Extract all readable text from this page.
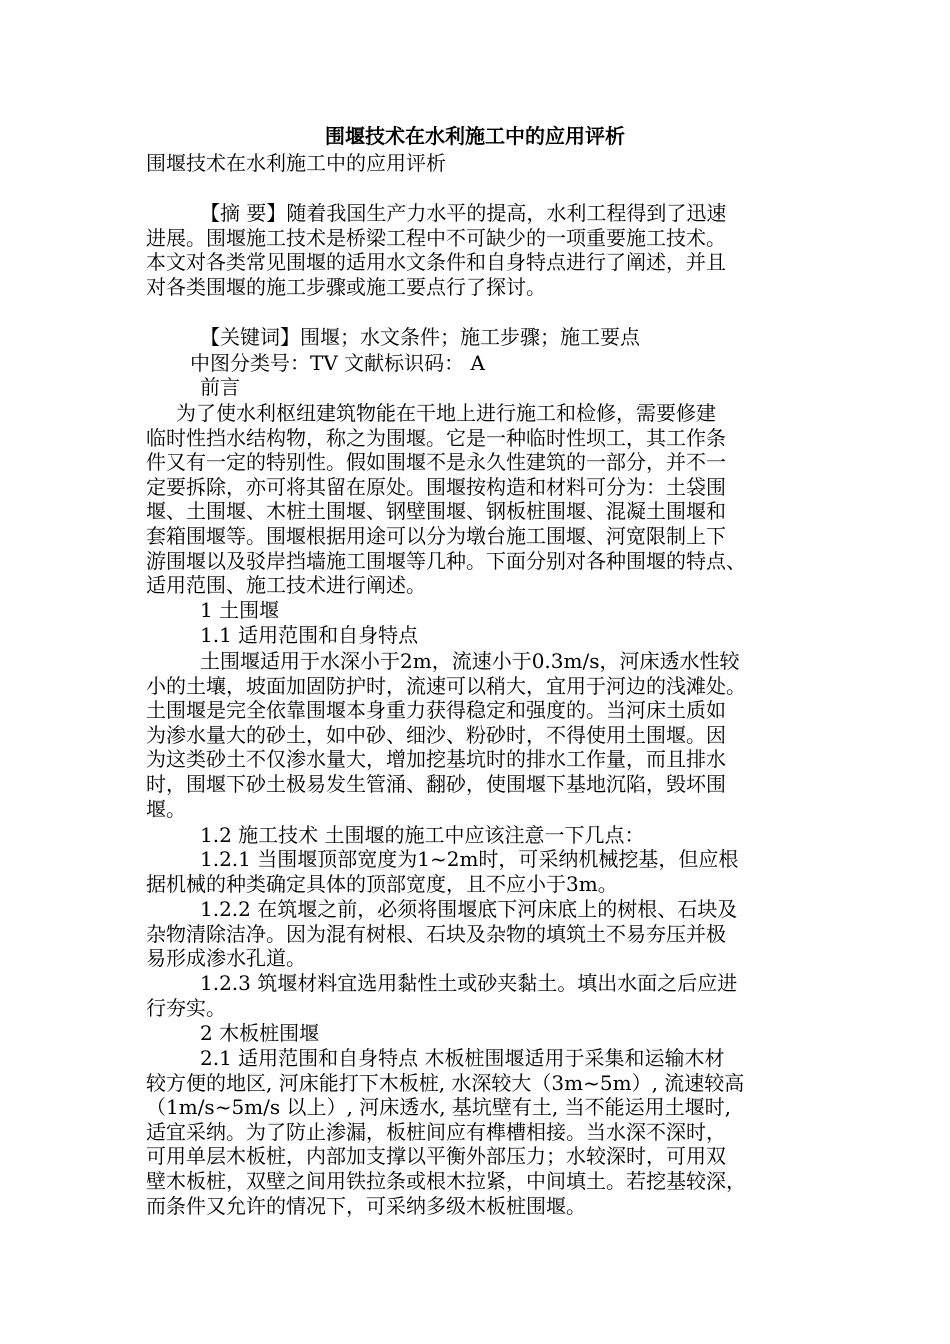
围堰技术在水利施工中的应用评析

围堰技术在水利施工中的应用评析

【摘 要】随着我国生产力水平的提高，水利工程得到了迅速

进展。围堰施工技术是桥梁工程中不可缺少的一项重要施工技术。

本文对各类常见围堰的适用水文条件和自身特点进行了阐述，并且

对各类围堰的施工步骤或施工要点行了探讨。

【关键词】围堰；水文条件；施工步骤；施工要点

中图分类号：TV 文献标识码： A

前言

为了使水利枢纽建筑物能在干地上进行施工和检修，需要修建

临时性挡水结构物，称之为围堰。它是一种临时性坝工，其工作条

件又有一定的特别性。假如围堰不是永久性建筑的一部分，并不一

定要拆除，亦可将其留在原处。围堰按构造和材料可分为：土袋围

堰、土围堰、木桩土围堰、钢壁围堰、钢板桩围堰、混凝土围堰和

套箱围堰等。围堰根据用途可以分为墩台施工围堰、河宽限制上下

游围堰以及驳岸挡墙施工围堰等几种。下面分别对各种围堰的特点、

适用范围、施工技术进行阐述。

1 土围堰

1.1 适用范围和自身特点

土围堰适用于水深小于2m，流速小于0.3m/s，河床透水性较

小的土壤，坡面加固防护时，流速可以稍大，宜用于河边的浅滩处。

土围堰是完全依靠围堰本身重力获得稳定和强度的。当河床土质如

为渗水量大的砂土，如中砂、细沙、粉砂时，不得使用土围堰。因

为这类砂土不仅渗水量大，增加挖基坑时的排水工作量，而且排水

时，围堰下砂土极易发生管涌、翻砂，使围堰下基地沉陷，毁坏围

堰。

1.2 施工技术 土围堰的施工中应该注意一下几点：

1.2.1 当围堰顶部宽度为1~2m时，可采纳机械挖基，但应根

据机械的种类确定具体的顶部宽度，且不应小于3m。

1.2.2 在筑堰之前，必须将围堰底下河床底上的树根、石块及

杂物清除洁净。因为混有树根、石块及杂物的填筑土不易夯压并极

易形成渗水孔道。

1.2.3 筑堰材料宜选用黏性土或砂夹黏土。填出水面之后应进

行夯实。

2 木板桩围堰

2.1 适用范围和自身特点 木板桩围堰适用于采集和运输木材

较方便的地区, 河床能打下木板桩, 水深较大（3m~5m）, 流速较高

（1m/s~5m/s 以上）, 河床透水, 基坑壁有土, 当不能运用土堰时,

适宜采纳。为了防止渗漏，板桩间应有榫槽相接。当水深不深时，

可用单层木板桩，内部加支撑以平衡外部压力；水较深时，可用双

壁木板桩，双壁之间用铁拉条或根木拉紧，中间填土。若挖基较深，

而条件又允许的情况下，可采纳多级木板桩围堰。
